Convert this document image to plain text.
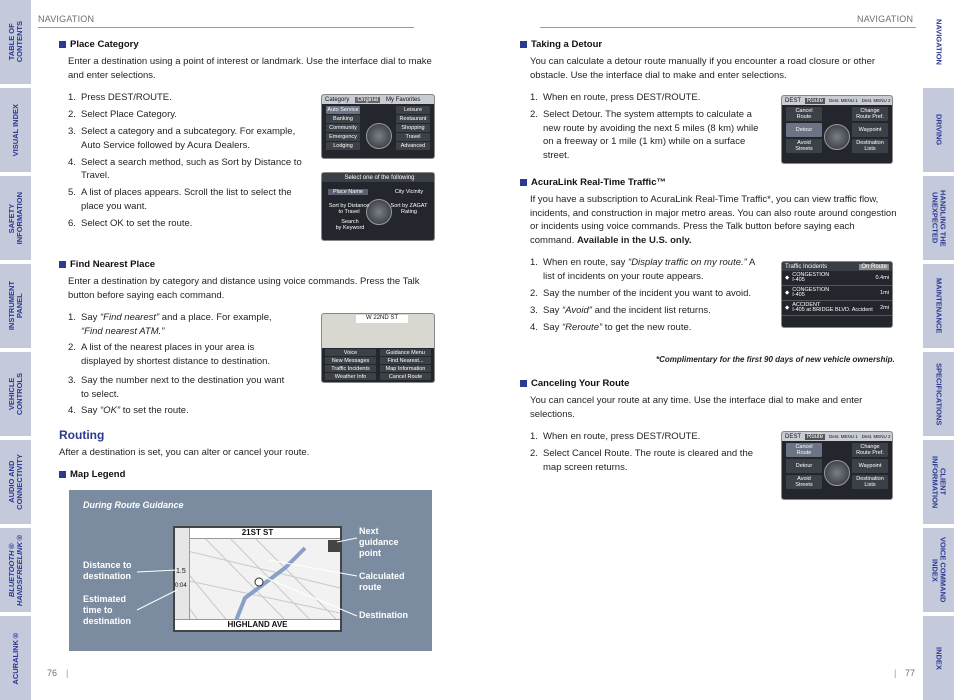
TABLE OF
CONTENTS
VISUAL INDEX
SAFETY
INFORMATION
INSTRUMENT
PANEL
VEHICLE
CONTROLS
AUDIO AND
CONNECTIVITY
BLUETOOTH®
HANDSFREELINK®
ACURALINK®
NAVIGATION
DRIVING
HANDLING THE
UNEXPECTED
MAINTENANCE
SPECIFICATIONS
CLIENT
INFORMATION
VOICE COMMAND
INDEX
INDEX
NAVIGATION	NAVIGATION
Place Category
Enter a destination using a point of interest or landmark. Use the interface dial to make and enter selections.
1. Press DEST/ROUTE.
2. Select Place Category.
3. Select a category and a subcategory. For example, Auto Service followed by Acura Dealers.
4. Select a search method, such as Sort by Distance to Travel.
5. A list of places appears. Scroll the list to select the place you want.
6. Select OK to set the route.
Category	Original	My Favorites
Auto Service	Leisure
Banking	Restaurant
Community	Shopping
Emergency	Travel
Lodging	Advanced
Select one of the following
Place Name	City Vicinity
Sort by Distance
to Travel
Sort by ZAGAT
Rating
Search
by Keyword
Find Nearest Place
Enter a destination by category and distance using voice commands. Press the Talk button before saying each command.
1. Say “Find nearest” and a place. For example, “Find nearest ATM.”
2. A list of the nearest places in your area is displayed by shortest distance to destination.
3. Say the number next to the destination you want to select.
4. Say “OK” to set the route.
W 22ND ST
Voice	Guidance Menu
New Messages	Find Nearest...
Traffic Incidents	Map Information
Weather Info	Cancel Route
Routing
After a destination is set, you can alter or cancel your route.
Map Legend
During Route Guidance
21ST ST
1.5
0:04
HIGHLAND AVE
Distance to
destination
Estimated
time to
destination
Next
guidance
point
Calculated
route
Destination
76 |
Taking a Detour
You can calculate a detour route manually if you encounter a road closure or other obstacle. Use the interface dial to make and enter selections.
1. When en route, press DEST/ROUTE.
2. Select Detour. The system attempts to calculate a new route by avoiding the next 5 miles (8 km) while on a freeway or 1 mile (1 km) while on a surface street.
DEST	Route	Dest. MENU 1 Dest. MENU 2
Cancel
Route
Change
Route Pref.
Detour	Waypoint
Avoid
Streets
Destination
Lists
AcuraLink Real-Time Traffic™
If you have a subscription to AcuraLink Real-Time Traffic*, you can view traffic flow, incidents, and construction in major metro areas. You can also route around congestion or incidents using voice commands. Press the Talk button before saying each command. Available in the U.S. only.
1. When en route, say “Display traffic on my route.” A list of incidents on your route appears.
2. Say the number of the incident you want to avoid.
3. Say “Avoid” and the incident list returns.
4. Say “Reroute” to get the new route.
Traffic Incidents	On Route
◆
CONGESTION
I-405	0.4mi
◆
CONGESTION
I-405	1mi
◆
ACCIDENT
I-405 at BRIDGE BLVD. Accident	2mi
*Complimentary for the first 90 days of new vehicle ownership.
Canceling Your Route
You can cancel your route at any time. Use the interface dial to make and enter selections.
1. When en route, press DEST/ROUTE.
2. Select Cancel Route. The route is cleared and the map screen returns.
DEST	Route	Dest. MENU 1 Dest. MENU 2
Cancel
Route
Change
Route Pref.
Detour	Waypoint
Avoid
Streets
Destination
Lists
| 77
